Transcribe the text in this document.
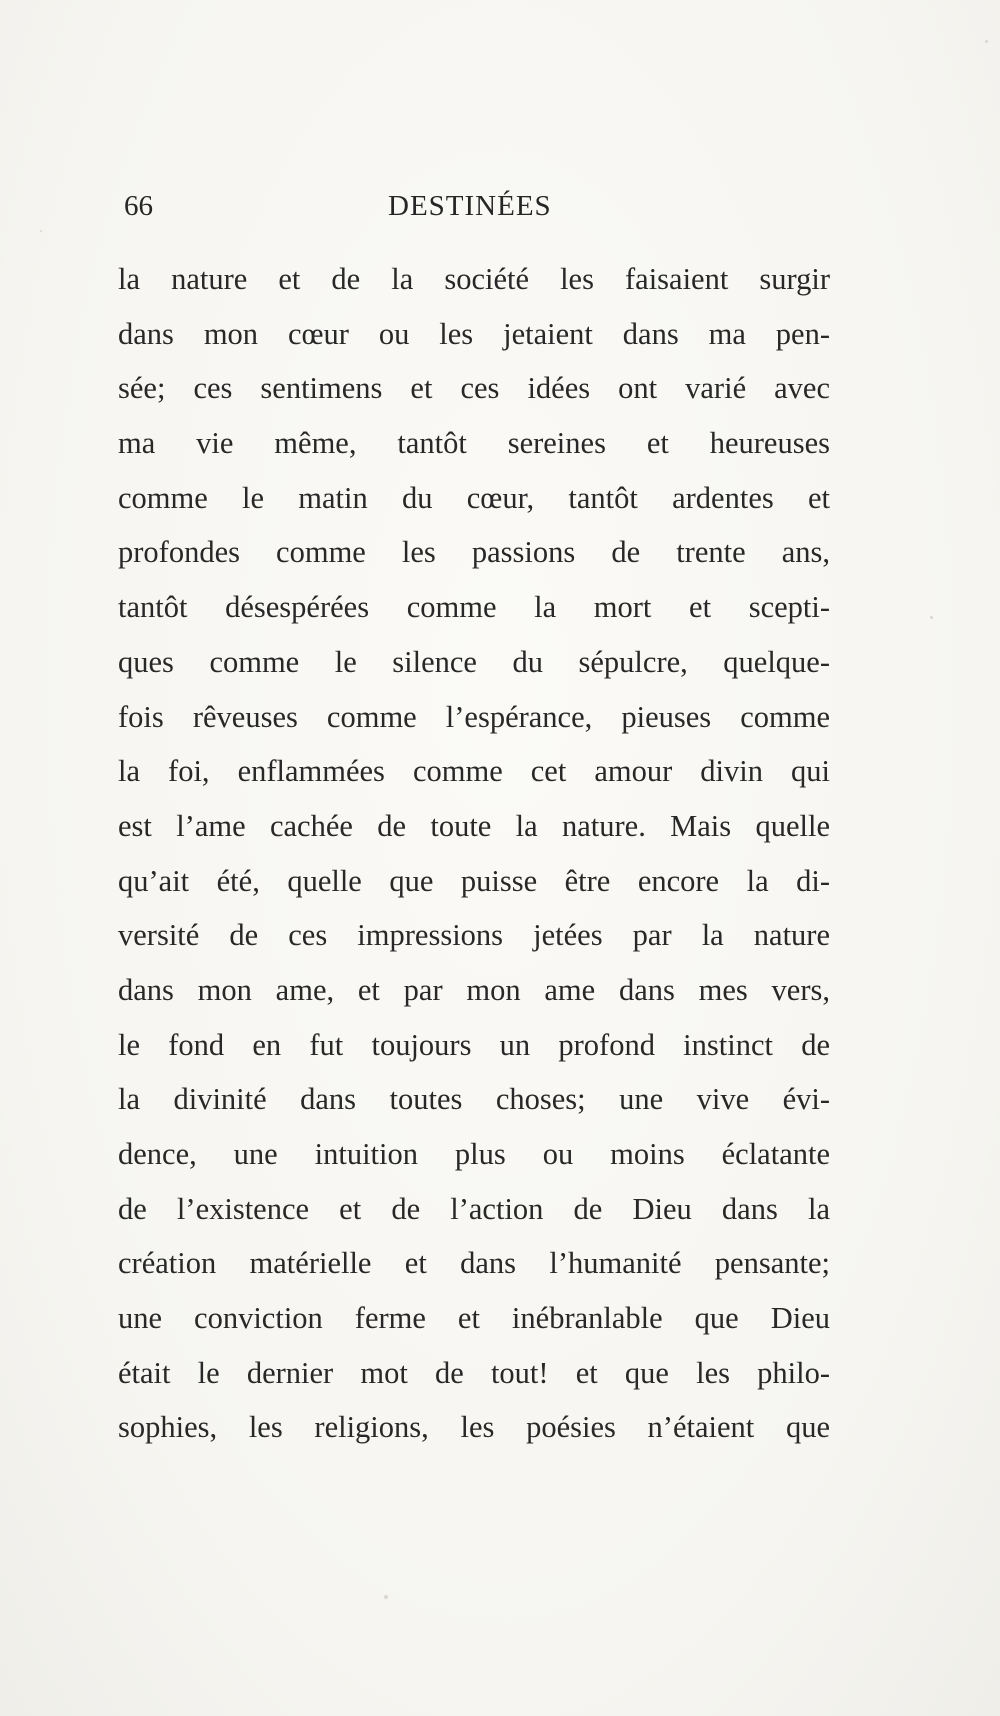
66	DESTINÉES
la nature et de la société les faisaient surgir
dans mon cœur ou les jetaient dans ma pen-
sée; ces sentimens et ces idées ont varié avec
ma vie même, tantôt sereines et heureuses
comme le matin du cœur, tantôt ardentes et
profondes comme les passions de trente ans,
tantôt désespérées comme la mort et scepti-
ques comme le silence du sépulcre, quelque-
fois rêveuses comme l’espérance, pieuses comme
la foi, enflammées comme cet amour divin qui
est l’ame cachée de toute la nature. Mais quelle
qu’ait été, quelle que puisse être encore la di-
versité de ces impressions jetées par la nature
dans mon ame, et par mon ame dans mes vers,
le fond en fut toujours un profond instinct de
la divinité dans toutes choses; une vive évi-
dence, une intuition plus ou moins éclatante
de l’existence et de l’action de Dieu dans la
création matérielle et dans l’humanité pensante;
une conviction ferme et inébranlable que Dieu
était le dernier mot de tout! et que les philo-
sophies, les religions, les poésies n’étaient que
